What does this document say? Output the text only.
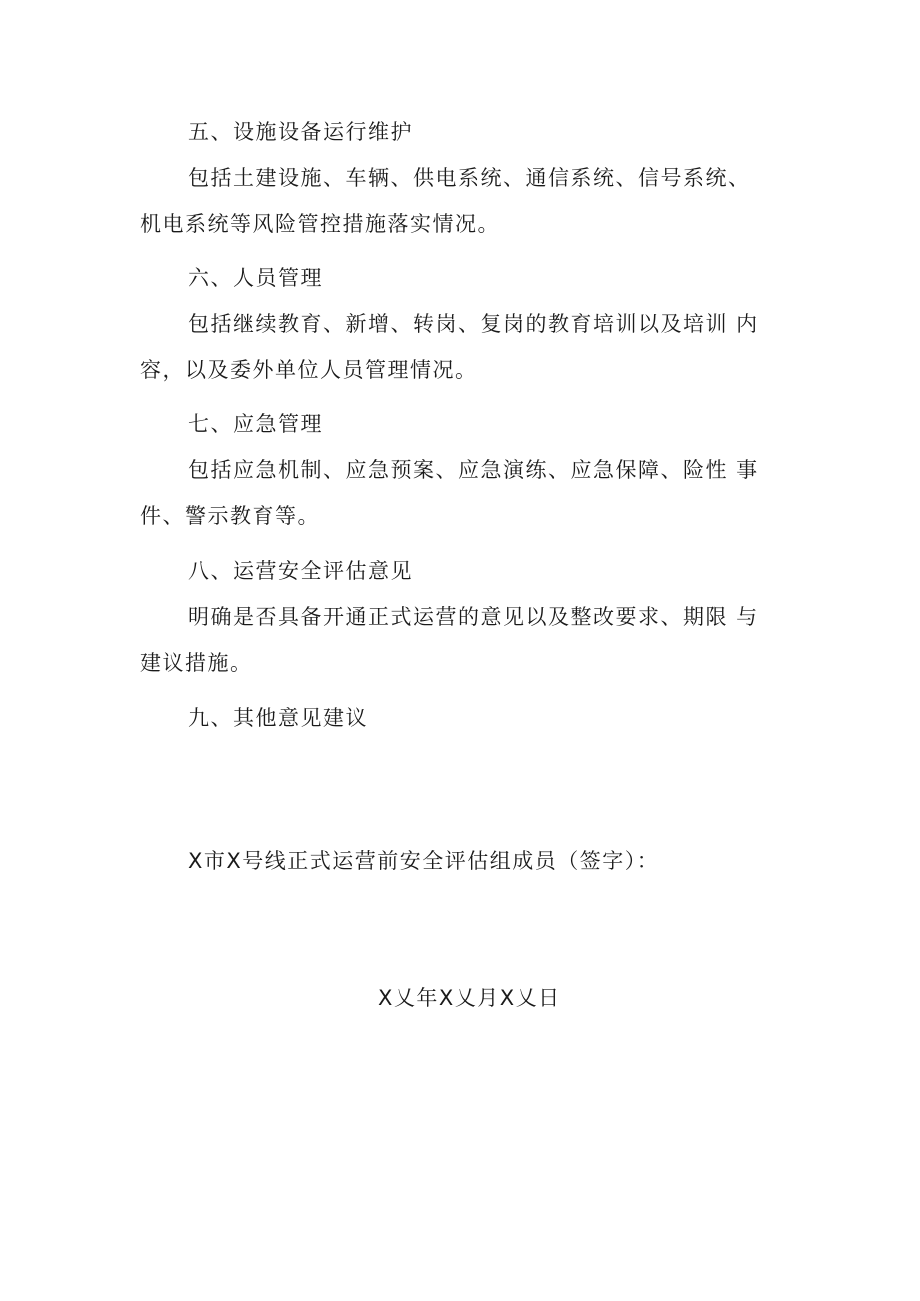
五、设施设备运行维护
包括土建设施、车辆、供电系统、通信系统、信号系统、
机电系统等风险管控措施落实情况。
六、人员管理
包括继续教育、新增、转岗、复岗的教育培训以及培训 内
容，以及委外单位人员管理情况。
七、应急管理
包括应急机制、应急预案、应急演练、应急保障、险性 事
件、警示教育等。
八、运营安全评估意见
明确是否具备开通正式运营的意见以及整改要求、期限 与
建议措施。
九、其他意见建议
X市X号线正式运营前安全评估组成员（签字）：
X乂年X乂月X乂日
